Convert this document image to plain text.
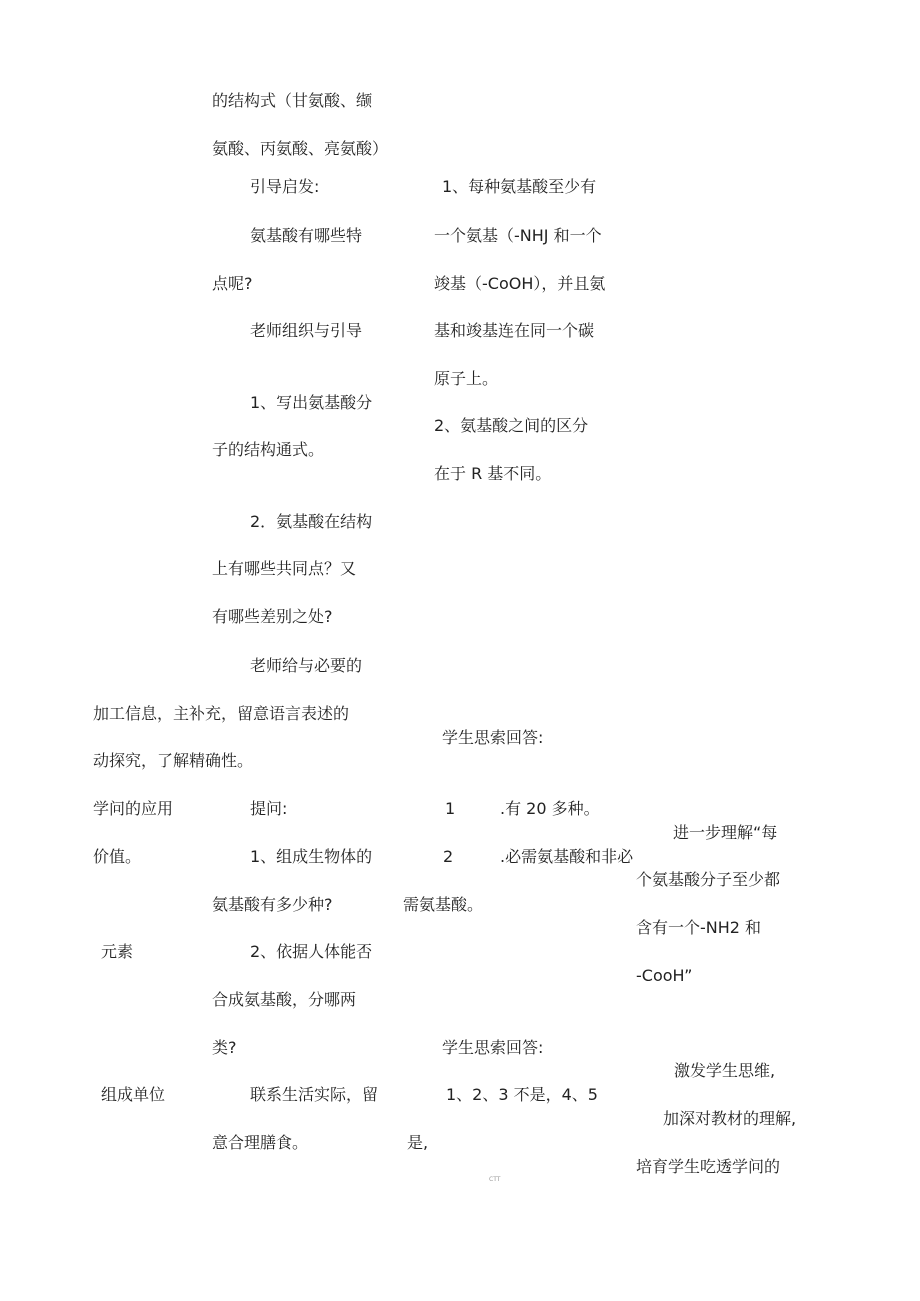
加工信息，主
动探究，了解
学问的应用
价值。
元素
组成单位
的结构式（甘氨酸、缬
氨酸、丙氨酸、亮氨酸）
引导启发:
氨基酸有哪些特
点呢?
老师组织与引导
1、写出氨基酸分
子的结构通式。
2．氨基酸在结构
上有哪些共同点？又
有哪些差别之处?
老师给与必要的
补充，留意语言表述的
精确性。
提问:
1、组成生物体的
氨基酸有多少种?
2、依据人体能否
合成氨基酸，分哪两
类?
联系生活实际，留
意合理膳食。
1、每种氨基酸至少有
一个氨基（-NHJ 和一个
竣基（-CoOH），并且氨
基和竣基连在同一个碳
原子上。
2、氨基酸之间的区分
在于 R 基不同。
学生思索回答:
1	.有 20 多种。
2	.必需氨基酸和非必
需氨基酸。
学生思索回答:
1、2、3 不是，4、5
是,
进一步理解“每
个氨基酸分子至少都
含有一个-NH2 和
-CooH”
激发学生思维,
加深对教材的理解,
培育学生吃透学问的
CTT
